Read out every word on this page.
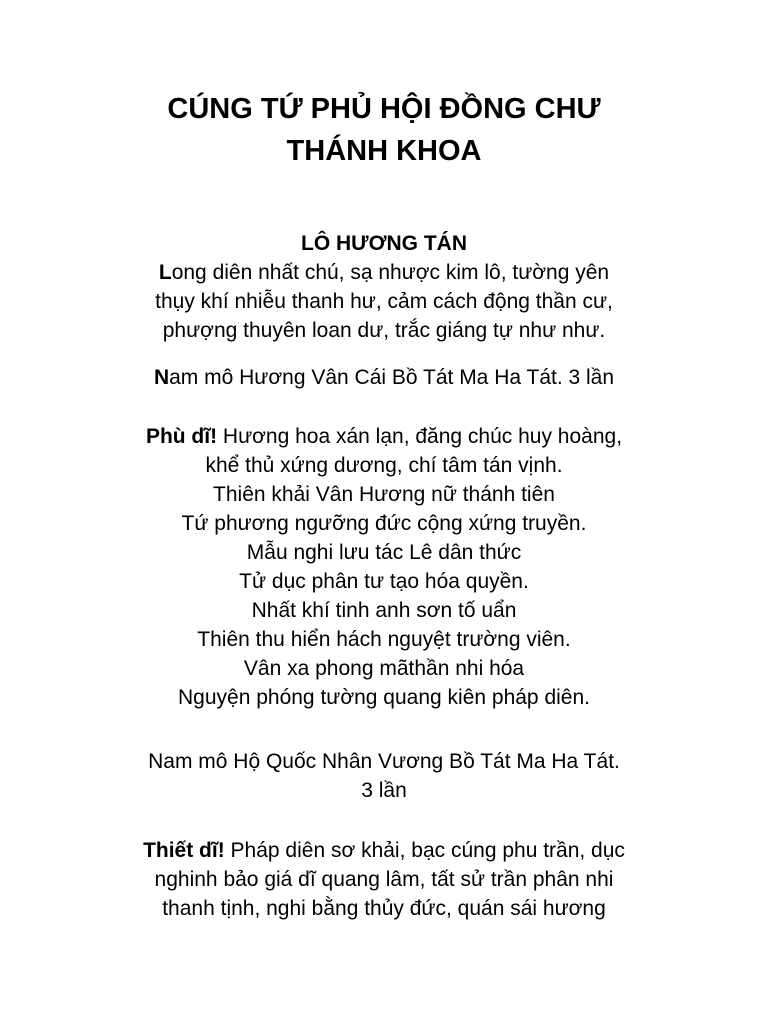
CÚNG TỨ PHỦ HỘI ĐỒNG CHƯ
THÁNH KHOA
LÔ HƯƠNG TÁN
Long diên nhất chú, sạ nhược kim lô, tường yên
thụy khí nhiễu thanh hư, cảm cách động thần cư,
phượng thuyên loan dư, trắc giáng tự như như.
Nam mô Hương Vân Cái Bồ Tát Ma Ha Tát. 3 lần
Phù dĩ! Hương hoa xán lạn, đăng chúc huy hoàng,
khể thủ xứng dương, chí tâm tán vịnh.
Thiên khải Vân Hương nữ thánh tiên
Tứ phương ngưỡng đức cộng xứng truyền.
Mẫu nghi lưu tác Lê dân thức
Tử dục phân tư tạo hóa quyền.
Nhất khí tinh anh sơn tố uẩn
Thiên thu hiển hách nguyệt trường viên.
Vân xa phong mãthần nhi hóa
Nguyện phóng tường quang kiên pháp diên.
Nam mô Hộ Quốc Nhân Vương Bồ Tát Ma Ha Tát.
3 lần
Thiết dĩ! Pháp diên sơ khải, bạc cúng phu trần, dục
nghinh bảo giá dĩ quang lâm, tất sử trần phân nhi
thanh tịnh, nghi bằng thủy đức, quán sái hương
